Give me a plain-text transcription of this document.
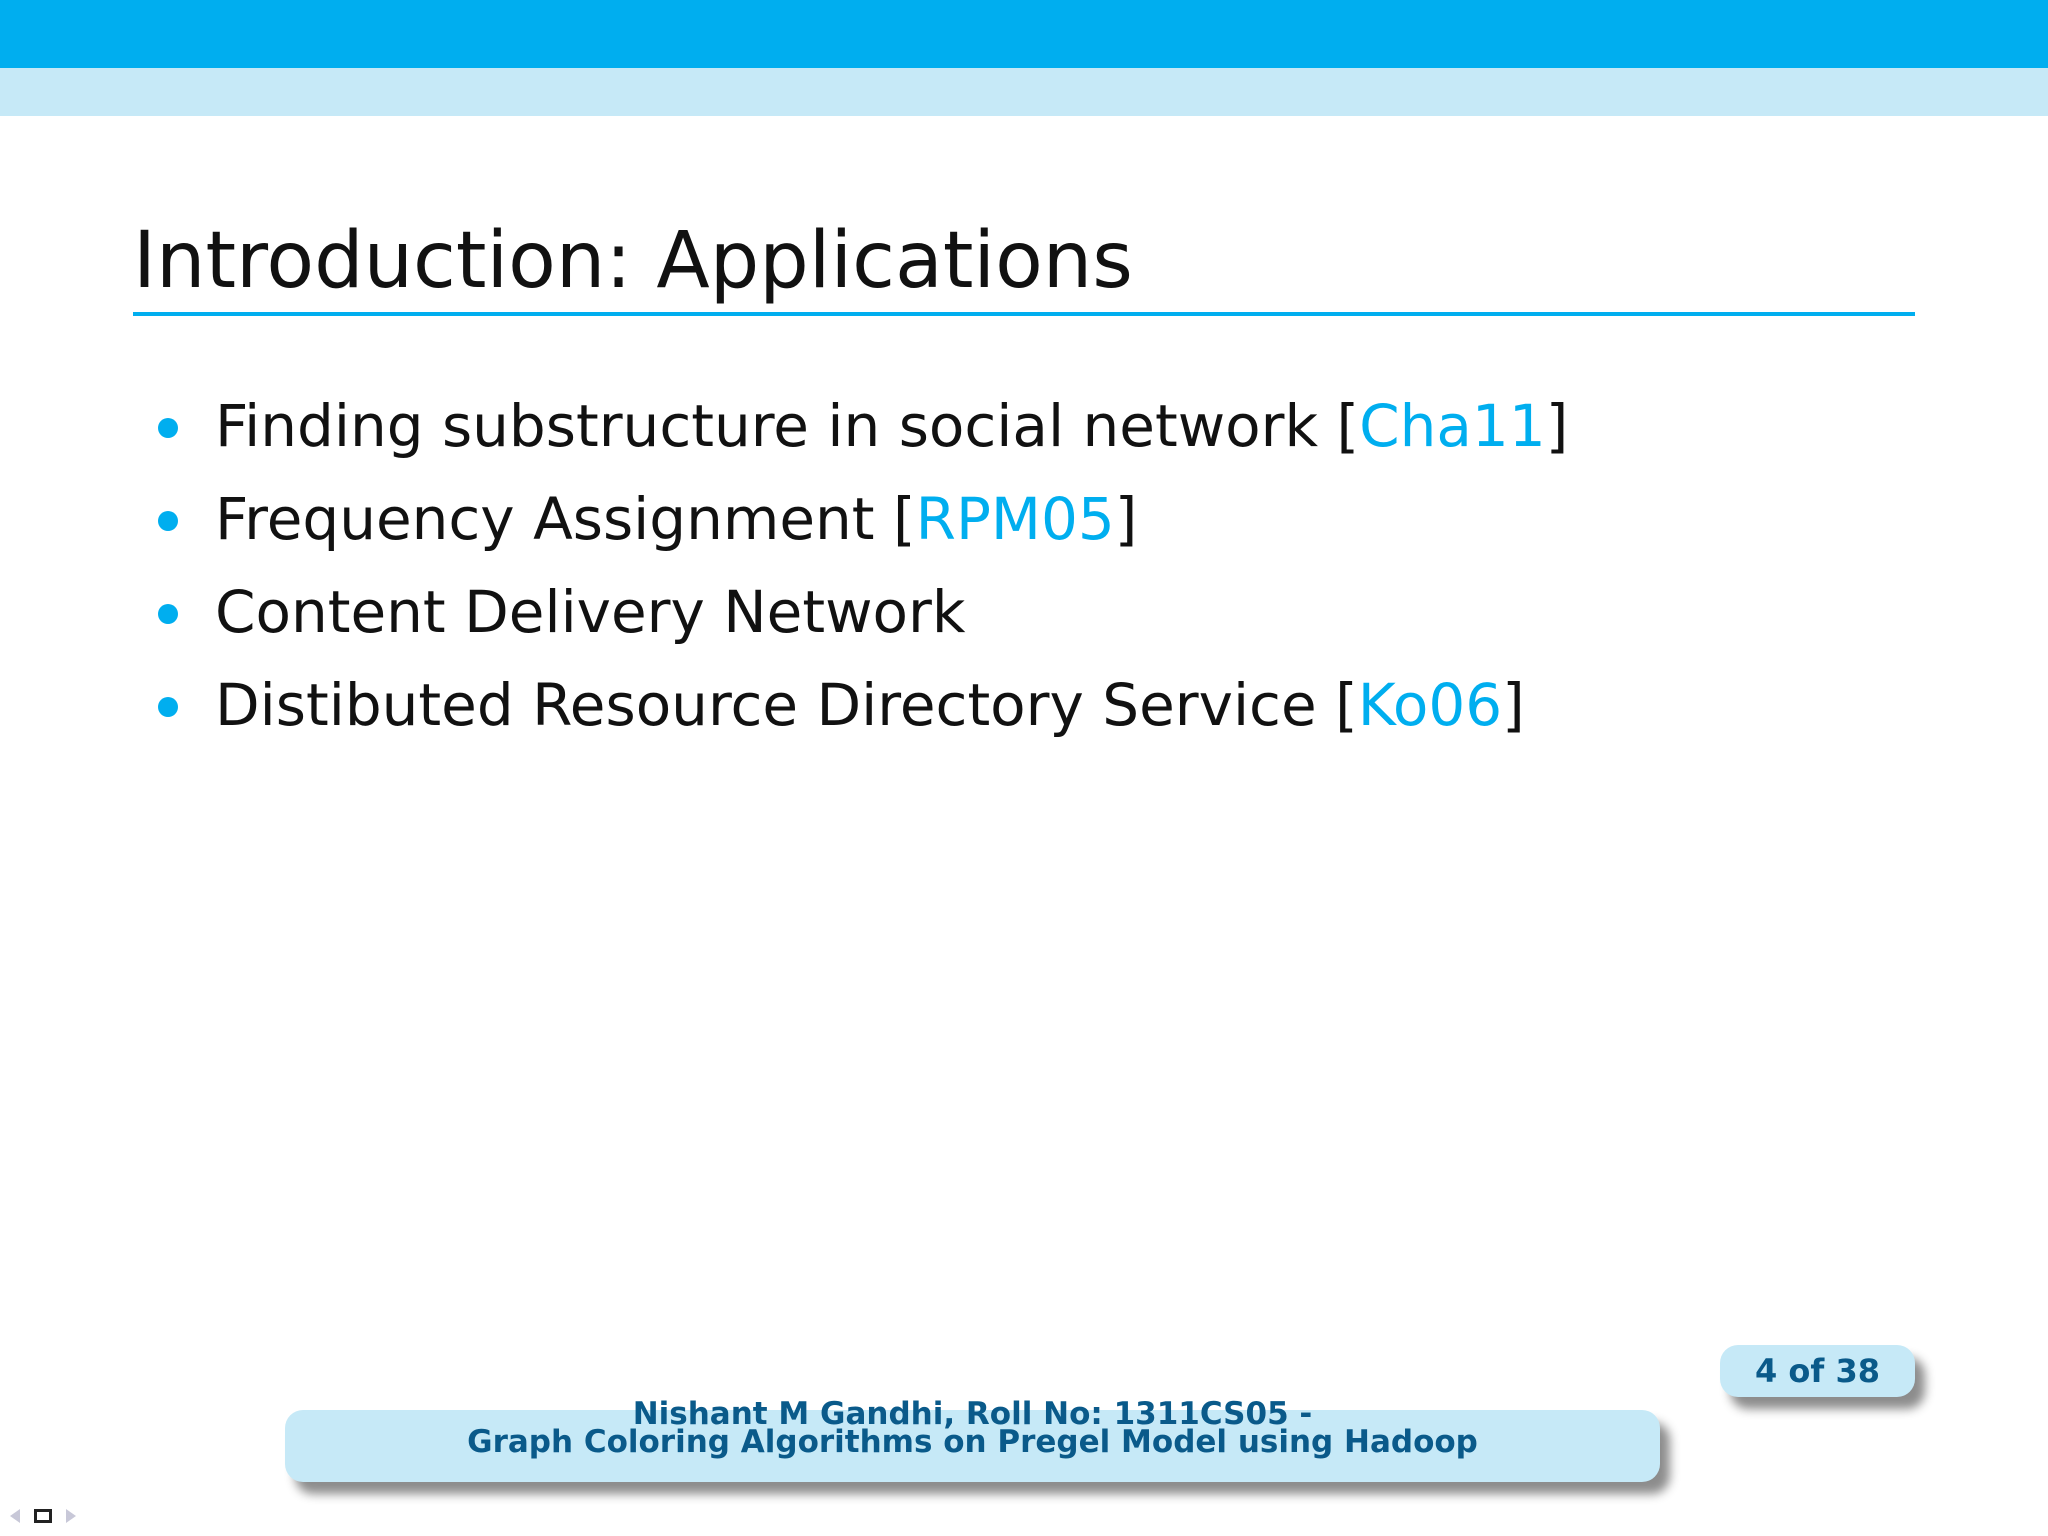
Introduction: Applications
Finding substructure in social network [Cha11]
Frequency Assignment [RPM05]
Content Delivery Network
Distibuted Resource Directory Service [Ko06]
4 of 38
Nishant M Gandhi, Roll No: 1311CS05 -
Graph Coloring Algorithms on Pregel Model using Hadoop
